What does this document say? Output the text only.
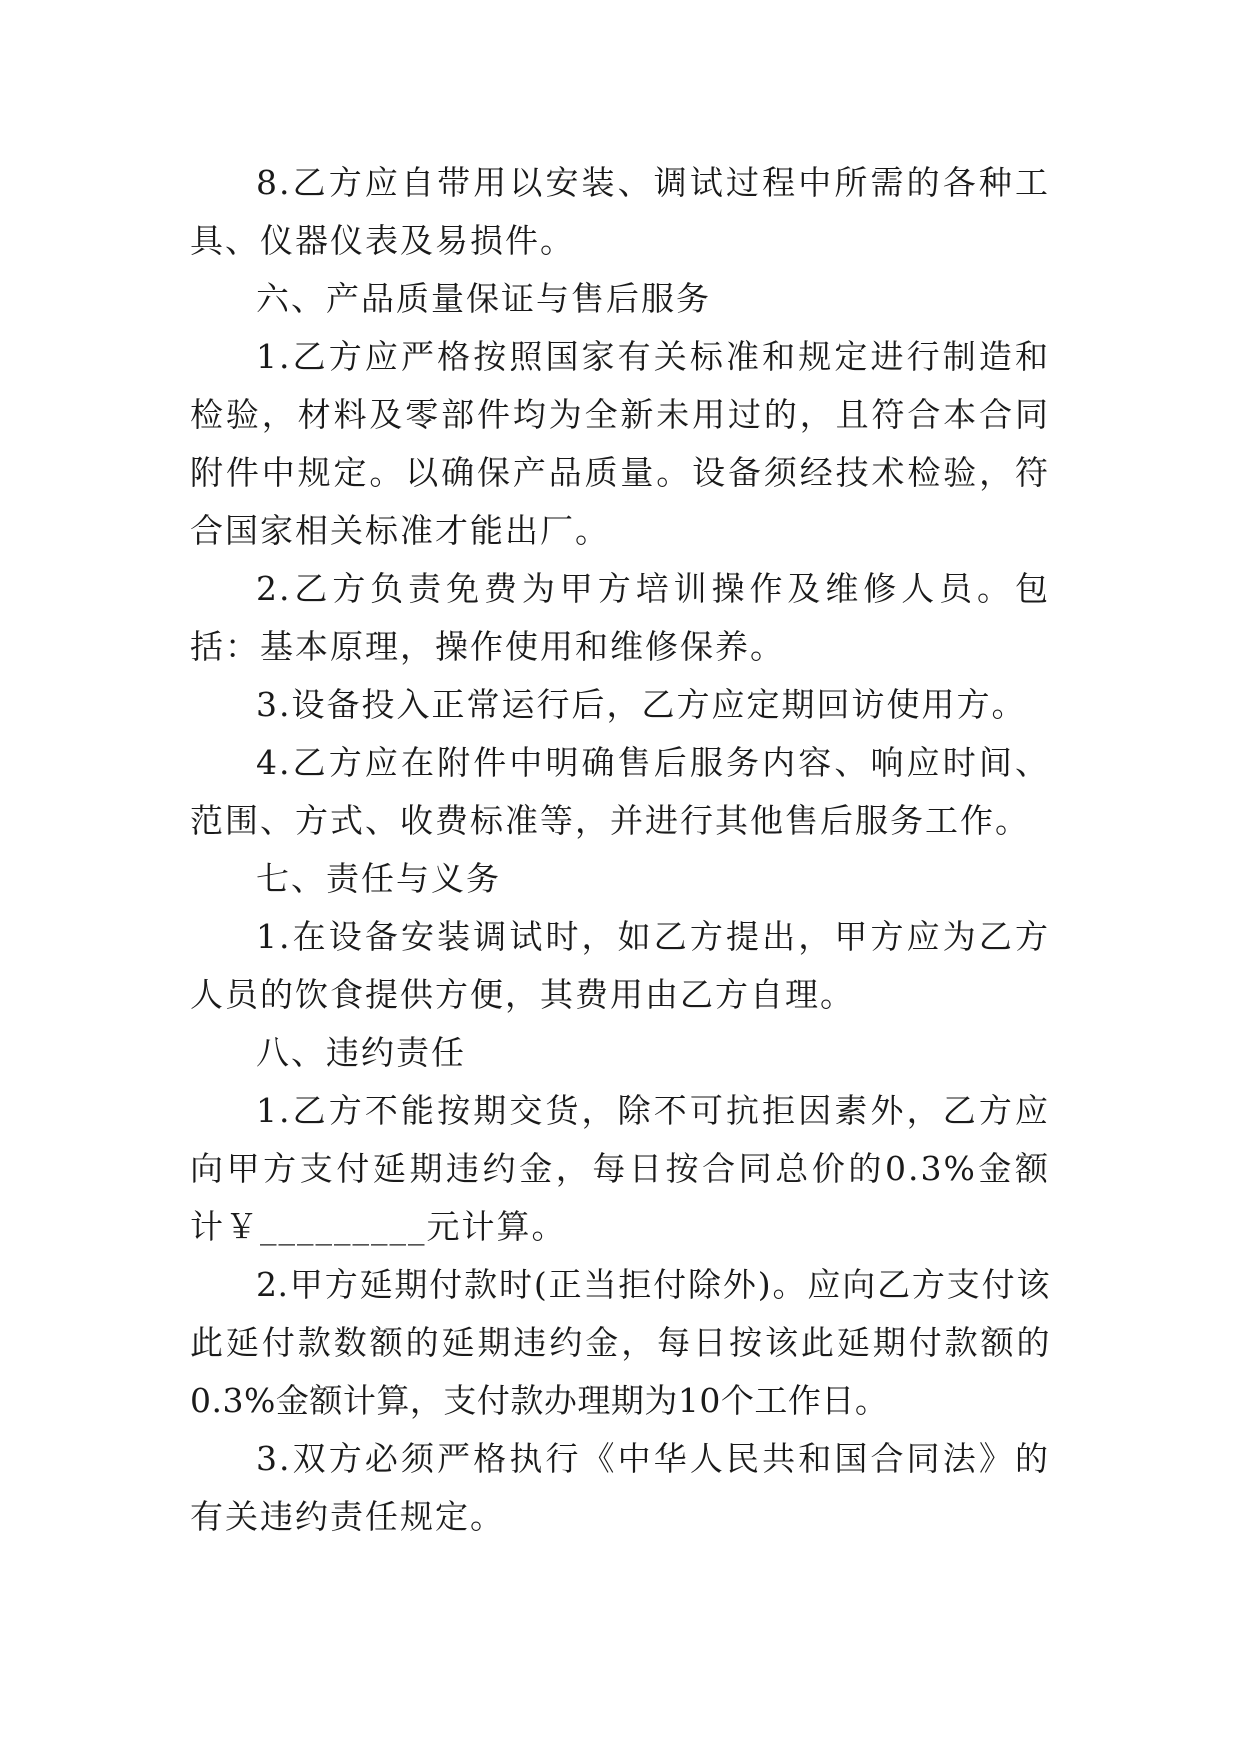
8.乙方应自带用以安装、调试过程中所需的各种工具、仪器仪表及易损件。

六、产品质量保证与售后服务

1.乙方应严格按照国家有关标准和规定进行制造和检验，材料及零部件均为全新未用过的，且符合本合同附件中规定。以确保产品质量。设备须经技术检验，符合国家相关标准才能出厂。

2.乙方负责免费为甲方培训操作及维修人员。包括：基本原理，操作使用和维修保养。

3.设备投入正常运行后，乙方应定期回访使用方。

4.乙方应在附件中明确售后服务内容、响应时间、范围、方式、收费标准等，并进行其他售后服务工作。

七、责任与义务

1.在设备安装调试时，如乙方提出，甲方应为乙方人员的饮食提供方便，其费用由乙方自理。

八、违约责任

1.乙方不能按期交货，除不可抗拒因素外，乙方应向甲方支付延期违约金，每日按合同总价的0.3%金额计￥_________元计算。

2.甲方延期付款时(正当拒付除外)。应向乙方支付该此延付款数额的延期违约金，每日按该此延期付款额的0.3%金额计算，支付款办理期为10个工作日。

3.双方必须严格执行《中华人民共和国合同法》的有关违约责任规定。
